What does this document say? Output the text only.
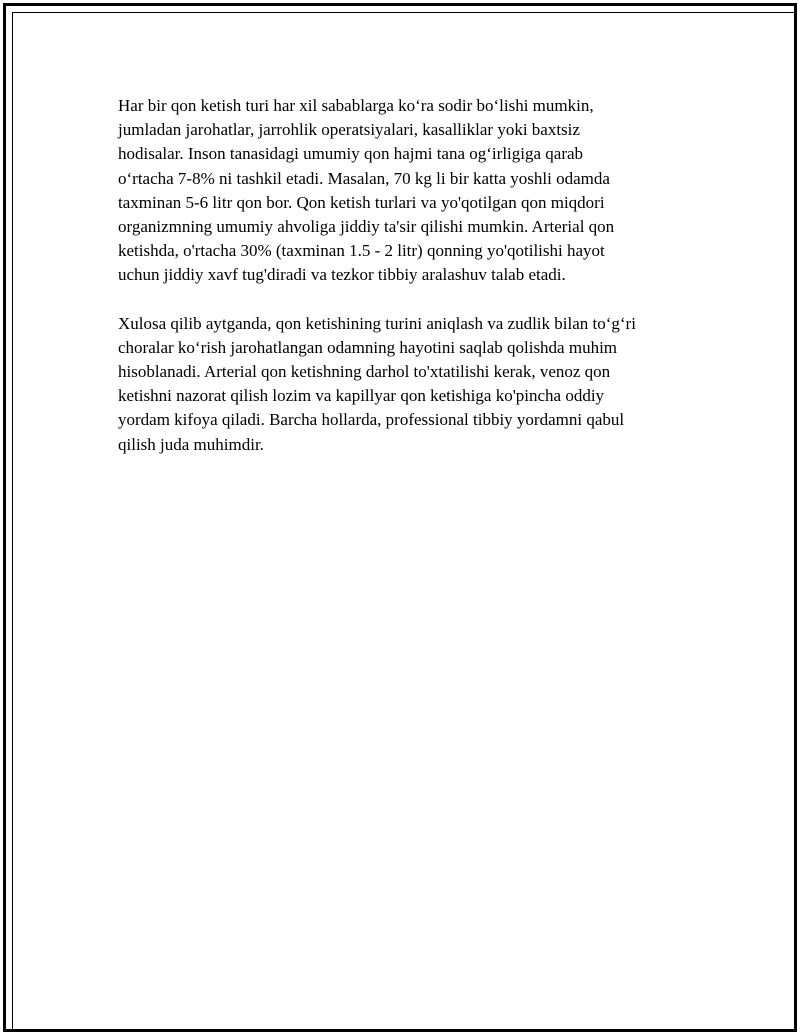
Har bir qon ketish turi har xil sabablarga ko‘ra sodir bo‘lishi mumkin,
jumladan jarohatlar, jarrohlik operatsiyalari, kasalliklar yoki baxtsiz
hodisalar. Inson tanasidagi umumiy qon hajmi tana og‘irligiga qarab
o‘rtacha 7-8% ni tashkil etadi. Masalan, 70 kg li bir katta yoshli odamda
taxminan 5-6 litr qon bor. Qon ketish turlari va yo'qotilgan qon miqdori
organizmning umumiy ahvoliga jiddiy ta'sir qilishi mumkin. Arterial qon
ketishda, o'rtacha 30% (taxminan 1.5 - 2 litr) qonning yo'qotilishi hayot
uchun jiddiy xavf tug'diradi va tezkor tibbiy aralashuv talab etadi.

Xulosa qilib aytganda, qon ketishining turini aniqlash va zudlik bilan to‘g‘ri
choralar ko‘rish jarohatlangan odamning hayotini saqlab qolishda muhim
hisoblanadi. Arterial qon ketishning darhol to'xtatilishi kerak, venoz qon
ketishni nazorat qilish lozim va kapillyar qon ketishiga ko'pincha oddiy
yordam kifoya qiladi. Barcha hollarda, professional tibbiy yordamni qabul
qilish juda muhimdir.
